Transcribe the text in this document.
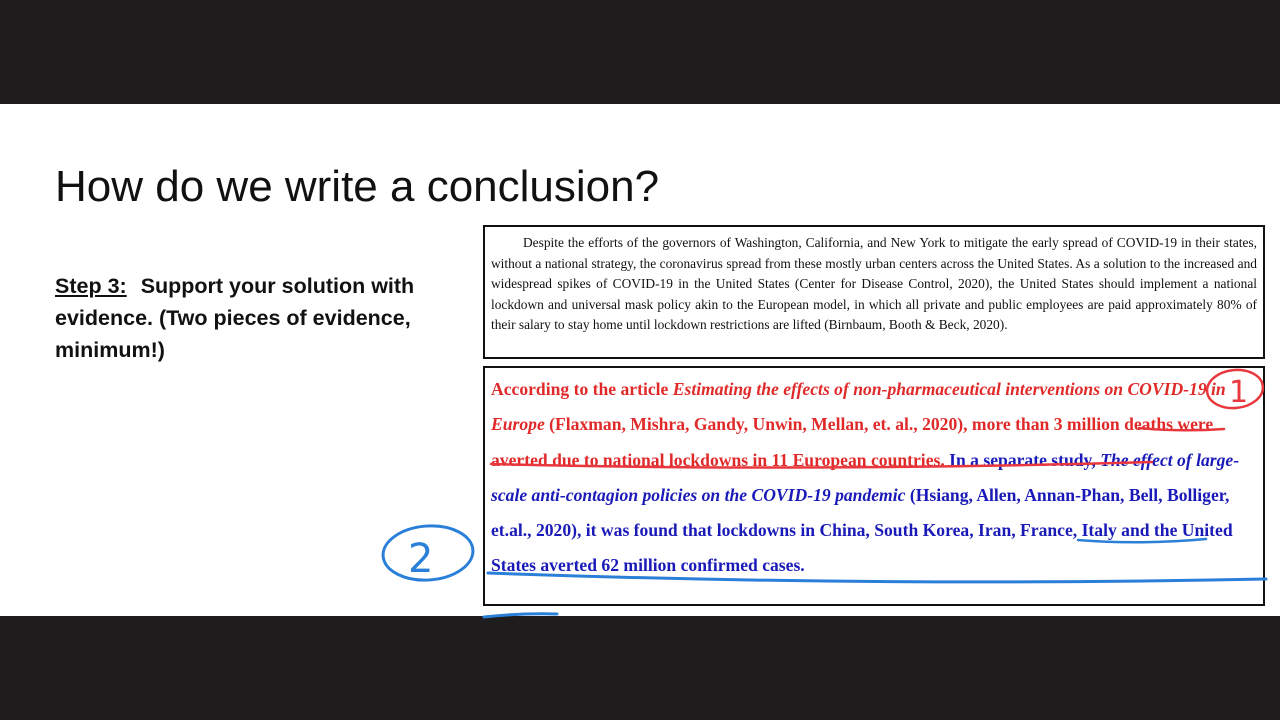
How do we write a conclusion?
Step 3: Support your solution with evidence. (Two pieces of evidence, minimum!)
Despite the efforts of the governors of Washington, California, and New York to mitigate the early spread of COVID-19 in their states, without a national strategy, the coronavirus spread from these mostly urban centers across the United States. As a solution to the increased and widespread spikes of COVID-19 in the United States (Center for Disease Control, 2020), the United States should implement a national lockdown and universal mask policy akin to the European model, in which all private and public employees are paid approximately 80% of their salary to stay home until lockdown restrictions are lifted (Birnbaum, Booth & Beck, 2020).
According to the article Estimating the effects of non-pharmaceutical interventions on COVID-19 in Europe (Flaxman, Mishra, Gandy, Unwin, Mellan, et. al., 2020), more than 3 million deaths were averted due to national lockdowns in 11 European countries. In a separate study, The effect of large-scale anti-contagion policies on the COVID-19 pandemic (Hsiang, Allen, Annan-Phan, Bell, Bolliger, et.al., 2020), it was found that lockdowns in China, South Korea, Iran, France, Italy and the United States averted 62 million confirmed cases.
1
2
